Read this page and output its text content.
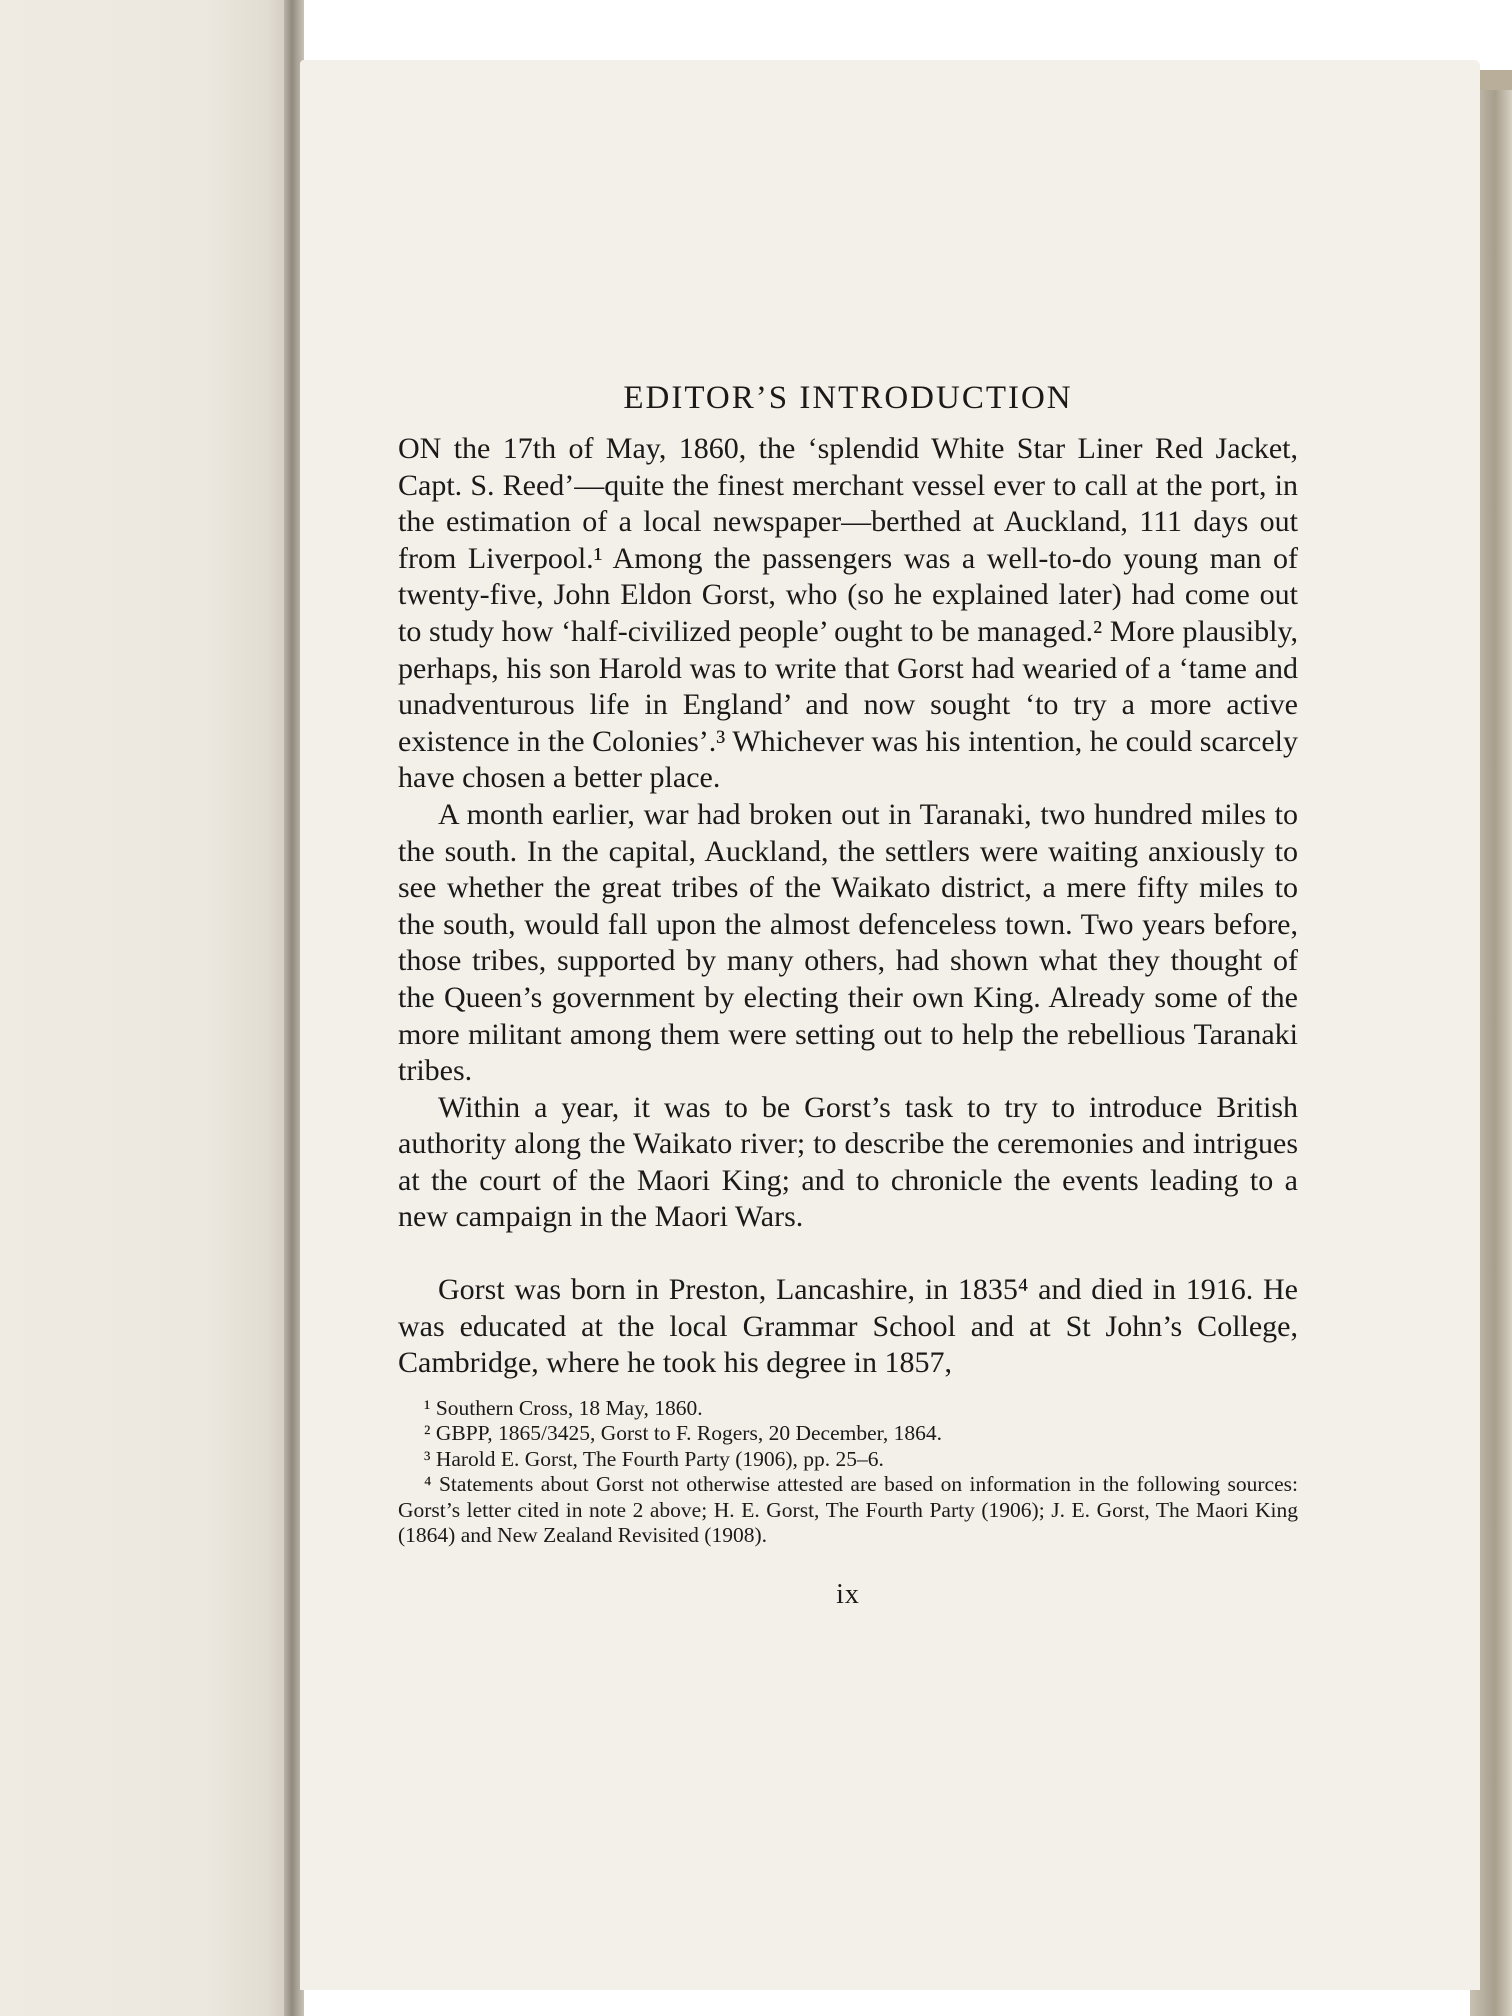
EDITOR’S INTRODUCTION

ON the 17th of May, 1860, the ‘splendid White Star Liner Red Jacket, Capt. S. Reed’—quite the finest merchant vessel ever to call at the port, in the estimation of a local newspaper—berthed at Auckland, 111 days out from Liverpool.¹ Among the passengers was a well-to-do young man of twenty-five, John Eldon Gorst, who (so he explained later) had come out to study how ‘half-civilized people’ ought to be managed.² More plausibly, perhaps, his son Harold was to write that Gorst had wearied of a ‘tame and unadventurous life in England’ and now sought ‘to try a more active existence in the Colonies’.³ Whichever was his intention, he could scarcely have chosen a better place.

A month earlier, war had broken out in Taranaki, two hundred miles to the south. In the capital, Auckland, the settlers were waiting anxiously to see whether the great tribes of the Waikato district, a mere fifty miles to the south, would fall upon the almost defenceless town. Two years before, those tribes, supported by many others, had shown what they thought of the Queen’s government by electing their own King. Already some of the more militant among them were setting out to help the rebellious Taranaki tribes.

Within a year, it was to be Gorst’s task to try to introduce British authority along the Waikato river; to describe the ceremonies and intrigues at the court of the Maori King; and to chronicle the events leading to a new campaign in the Maori Wars.

Gorst was born in Preston, Lancashire, in 1835⁴ and died in 1916. He was educated at the local Grammar School and at St John’s College, Cambridge, where he took his degree in 1857,

¹ Southern Cross, 18 May, 1860.

² GBPP, 1865/3425, Gorst to F. Rogers, 20 December, 1864.

³ Harold E. Gorst, The Fourth Party (1906), pp. 25–6.

⁴ Statements about Gorst not otherwise attested are based on information in the following sources: Gorst’s letter cited in note 2 above; H. E. Gorst, The Fourth Party (1906); J. E. Gorst, The Maori King (1864) and New Zealand Revisited (1908).

ix
